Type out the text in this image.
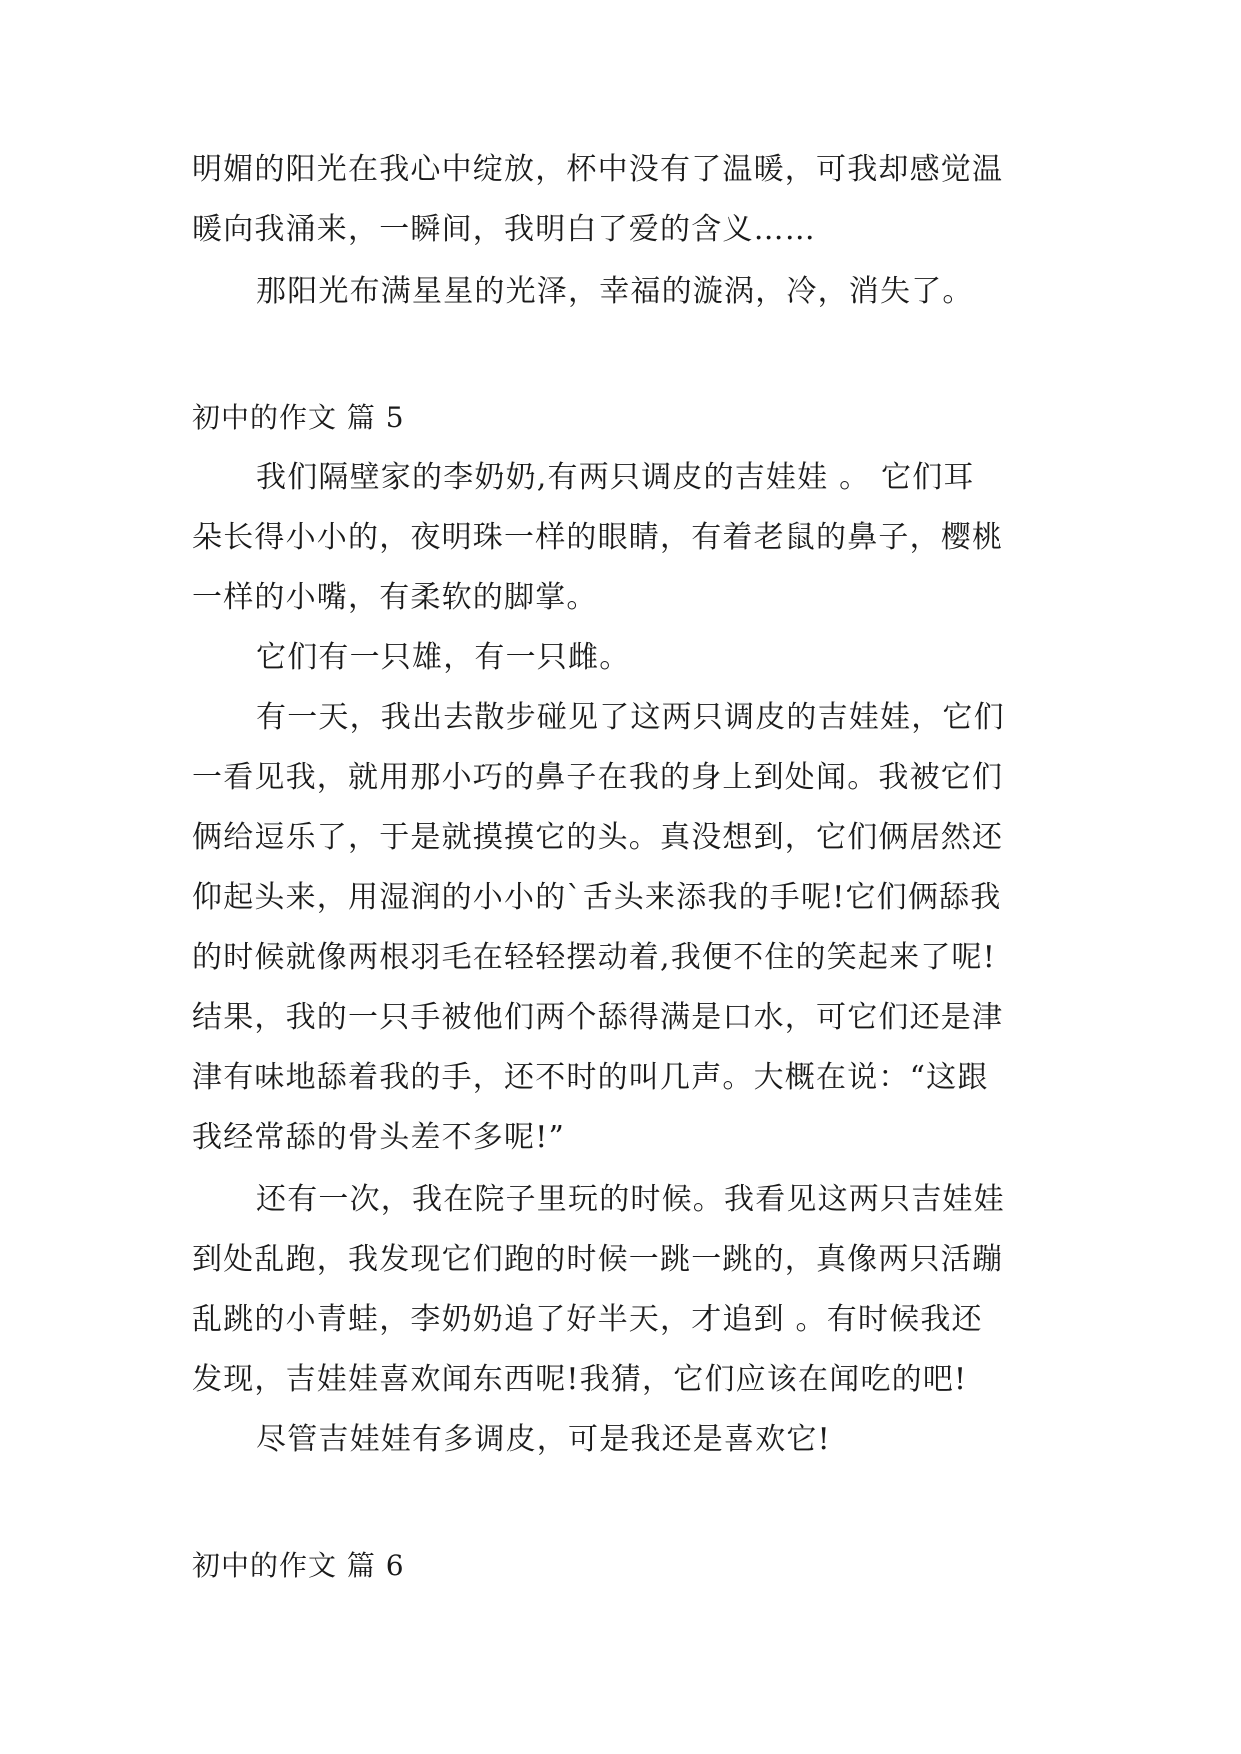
明媚的阳光在我心中绽放，杯中没有了温暖，可我却感觉温
暖向我涌来，一瞬间，我明白了爱的含义……
那阳光布满星星的光泽，幸福的漩涡，冷，消失了。
初中的作文 篇 5
我们隔壁家的李奶奶,有两只调皮的吉娃娃 。 它们耳
朵长得小小的，夜明珠一样的眼睛，有着老鼠的鼻子，樱桃
一样的小嘴，有柔软的脚掌。
它们有一只雄，有一只雌。
有一天，我出去散步碰见了这两只调皮的吉娃娃，它们
一看见我，就用那小巧的鼻子在我的身上到处闻。我被它们
俩给逗乐了，于是就摸摸它的头。真没想到，它们俩居然还
仰起头来，用湿润的小小的`舌头来添我的手呢!它们俩舔我
的时候就像两根羽毛在轻轻摆动着,我便不住的笑起来了呢!
结果，我的一只手被他们两个舔得满是口水，可它们还是津
津有味地舔着我的手，还不时的叫几声。大概在说：“这跟
我经常舔的骨头差不多呢!”
还有一次，我在院子里玩的时候。我看见这两只吉娃娃
到处乱跑，我发现它们跑的时候一跳一跳的，真像两只活蹦
乱跳的小青蛙，李奶奶追了好半天，才追到 。有时候我还
发现，吉娃娃喜欢闻东西呢!我猜，它们应该在闻吃的吧!
尽管吉娃娃有多调皮，可是我还是喜欢它!
初中的作文 篇 6
